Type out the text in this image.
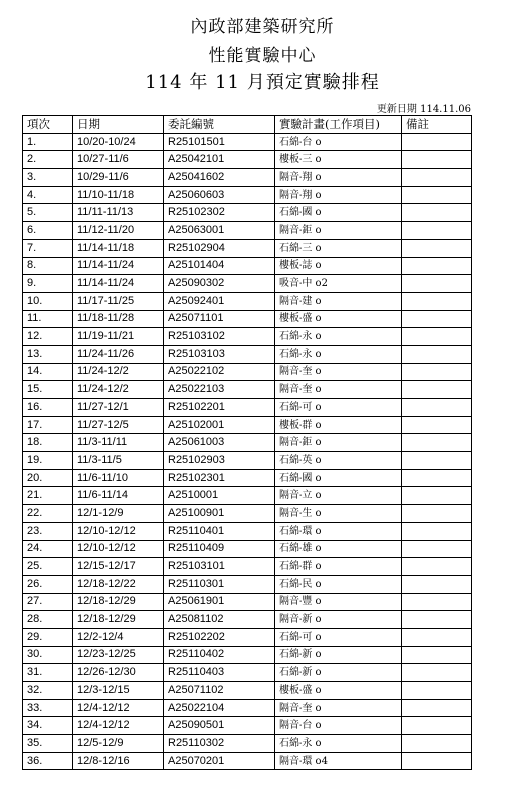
內政部建築研究所
性能實驗中心
114 年 11 月預定實驗排程
更新日期 114.11.06
項次	日期	委託編號	實驗計畫(工作項目)	備註
1.	10/20-10/24	R25101501	石綿-台 o	
2.	10/27-11/6	A25042101	樓板-三 o	
3.	10/29-11/6	A25041602	隔音-翔 o	
4.	11/10-11/18	A25060603	隔音-翔 o	
5.	11/11-11/13	R25102302	石綿-國 o	
6.	11/12-11/20	A25063001	隔音-鉅 o	
7.	11/14-11/18	R25102904	石綿-三 o	
8.	11/14-11/24	A25101404	樓板-誌 o	
9.	11/14-11/24	A25090302	吸音-中 o2	
10.	11/17-11/25	A25092401	隔音-建 o	
11.	11/18-11/28	A25071101	樓板-盛 o	
12.	11/19-11/21	R25103102	石綿-永 o	
13.	11/24-11/26	R25103103	石綿-永 o	
14.	11/24-12/2	A25022102	隔音-奎 o	
15.	11/24-12/2	A25022103	隔音-奎 o	
16.	11/27-12/1	R25102201	石綿-可 o	
17.	11/27-12/5	A25102001	樓板-群 o	
18.	11/3-11/11	A25061003	隔音-鉅 o	
19.	11/3-11/5	R25102903	石綿-英 o	
20.	11/6-11/10	R25102301	石綿-國 o	
21.	11/6-11/14	A2510001	隔音-立 o	
22.	12/1-12/9	A25100901	隔音-生 o	
23.	12/10-12/12	R25110401	石綿-環 o	
24.	12/10-12/12	R25110409	石綿-雄 o	
25.	12/15-12/17	R25103101	石綿-群 o	
26.	12/18-12/22	R25110301	石綿-民 o	
27.	12/18-12/29	A25061901	隔音-豐 o	
28.	12/18-12/29	A25081102	隔音-新 o	
29.	12/2-12/4	R25102202	石綿-可 o	
30.	12/23-12/25	R25110402	石綿-新 o	
31.	12/26-12/30	R25110403	石綿-新 o	
32.	12/3-12/15	A25071102	樓板-盛 o	
33.	12/4-12/12	A25022104	隔音-奎 o	
34.	12/4-12/12	A25090501	隔音-台 o	
35.	12/5-12/9	R25110302	石綿-永 o	
36.	12/8-12/16	A25070201	隔音-環 o4	
